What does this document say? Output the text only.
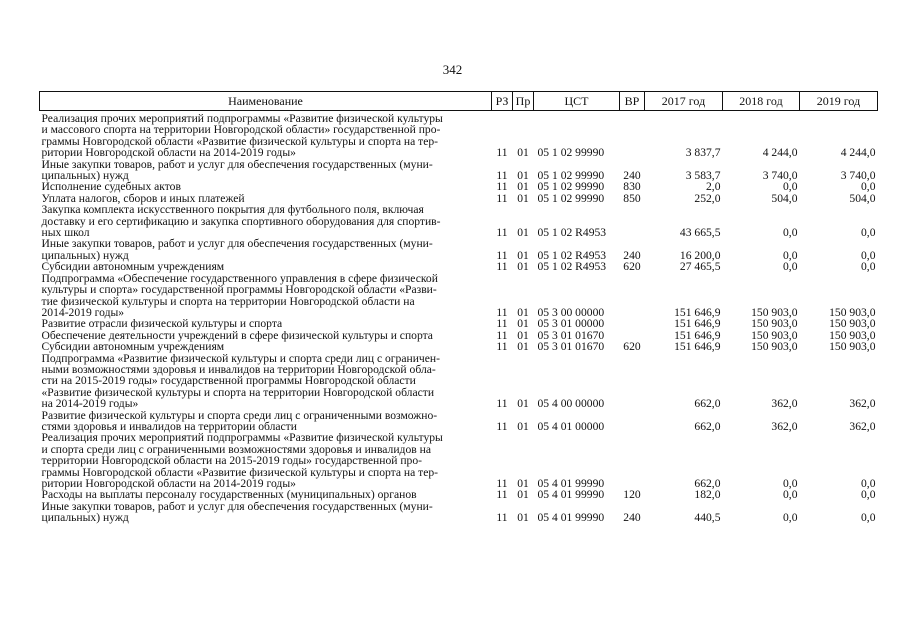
342
Наименование	РЗ	Пр	ЦСТ	ВР	2017 год	2018 год	2019 год

Реализация прочих мероприятий подпрограммы «Развитие физической культуры
и массового спорта на территории Новгородской области» государственной про-
граммы Новгородской области «Развитие физической культуры и спорта на тер-
ритории Новгородской области на 2014-2019 годы»	11	01	05 1 02 99990		3 837,7	4 244,0	4 244,0

Иные закупки товаров, работ и услуг для обеспечения государственных (муни-
ципальных) нужд	11	01	05 1 02 99990	240	3 583,7	3 740,0	3 740,0

Исполнение судебных актов	11	01	05 1 02 99990	830	2,0	0,0	0,0

Уплата налогов, сборов и иных платежей	11	01	05 1 02 99990	850	252,0	504,0	504,0

Закупка комплекта искусственного покрытия для футбольного поля, включая
доставку и его сертификацию и закупка спортивного оборудования для спортив-
ных школ	11	01	05 1 02 R4953		43 665,5	0,0	0,0

Иные закупки товаров, работ и услуг для обеспечения государственных (муни-
ципальных) нужд	11	01	05 1 02 R4953	240	16 200,0	0,0	0,0

Субсидии автономным учреждениям	11	01	05 1 02 R4953	620	27 465,5	0,0	0,0

Подпрограмма «Обеспечение государственного управления в сфере физической
культуры и спорта» государственной программы Новгородской области «Разви-
тие физической культуры и спорта на территории Новгородской области на
2014-2019 годы»	11	01	05 3 00 00000		151 646,9	150 903,0	150 903,0

Развитие отрасли физической культуры и спорта	11	01	05 3 01 00000		151 646,9	150 903,0	150 903,0

Обеспечение деятельности учреждений в сфере физической культуры и спорта	11	01	05 3 01 01670		151 646,9	150 903,0	150 903,0

Субсидии автономным учреждениям	11	01	05 3 01 01670	620	151 646,9	150 903,0	150 903,0

Подпрограмма «Развитие физической культуры и спорта среди лиц с ограничен-
ными возможностями здоровья и инвалидов на территории Новгородской обла-
сти на 2015-2019 годы» государственной программы Новгородской области
«Развитие физической культуры и спорта на территории Новгородской области
на 2014-2019 годы»	11	01	05 4 00 00000		662,0	362,0	362,0

Развитие физической культуры и спорта среди лиц с ограниченными возможно-
стями здоровья и инвалидов на территории области	11	01	05 4 01 00000		662,0	362,0	362,0

Реализация прочих мероприятий подпрограммы «Развитие физической культуры
и спорта среди лиц с ограниченными возможностями здоровья и инвалидов на
территории Новгородской области на 2015-2019 годы» государственной про-
граммы Новгородской области «Развитие физической культуры и спорта на тер-
ритории Новгородской области на 2014-2019 годы»	11	01	05 4 01 99990		662,0	0,0	0,0

Расходы на выплаты персоналу государственных (муниципальных) органов	11	01	05 4 01 99990	120	182,0	0,0	0,0

Иные закупки товаров, работ и услуг для обеспечения государственных (муни-
ципальных) нужд	11	01	05 4 01 99990	240	440,5	0,0	0,0
